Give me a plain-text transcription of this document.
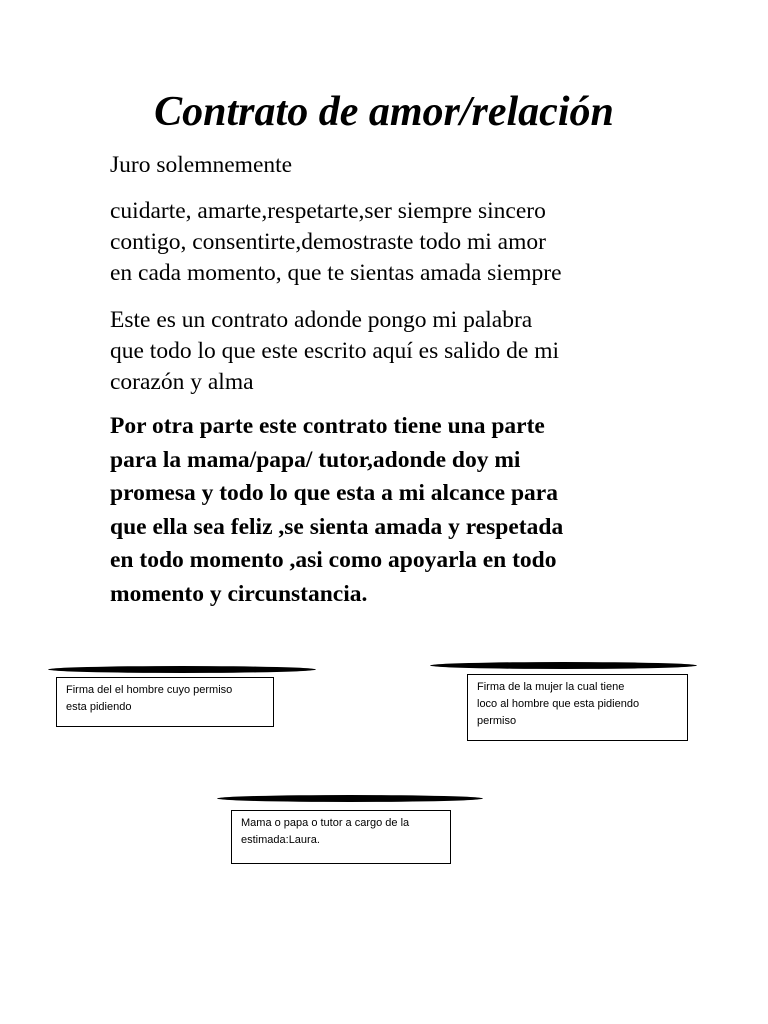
Contrato de amor/relación

Juro solemnemente

cuidarte, amarte,respetarte,ser siempre sincero
contigo, consentirte,demostraste todo mi amor
en cada momento, que te sientas amada siempre

Este es un contrato adonde pongo mi palabra
que todo lo que este escrito aquí es salido de mi
corazón y alma

Por otra parte este contrato tiene una parte
para la mama/papa/ tutor,adonde doy mi
promesa y todo lo que esta a mi alcance para
que ella sea feliz ,se sienta amada y respetada
en todo momento ,asi como apoyarla en todo
momento y circunstancia.

Firma del el hombre cuyo permiso
esta pidiendo
Firma de la mujer la cual tiene
loco al hombre que esta pidiendo
permiso
Mama o papa o tutor a cargo de la
estimada:Laura.
